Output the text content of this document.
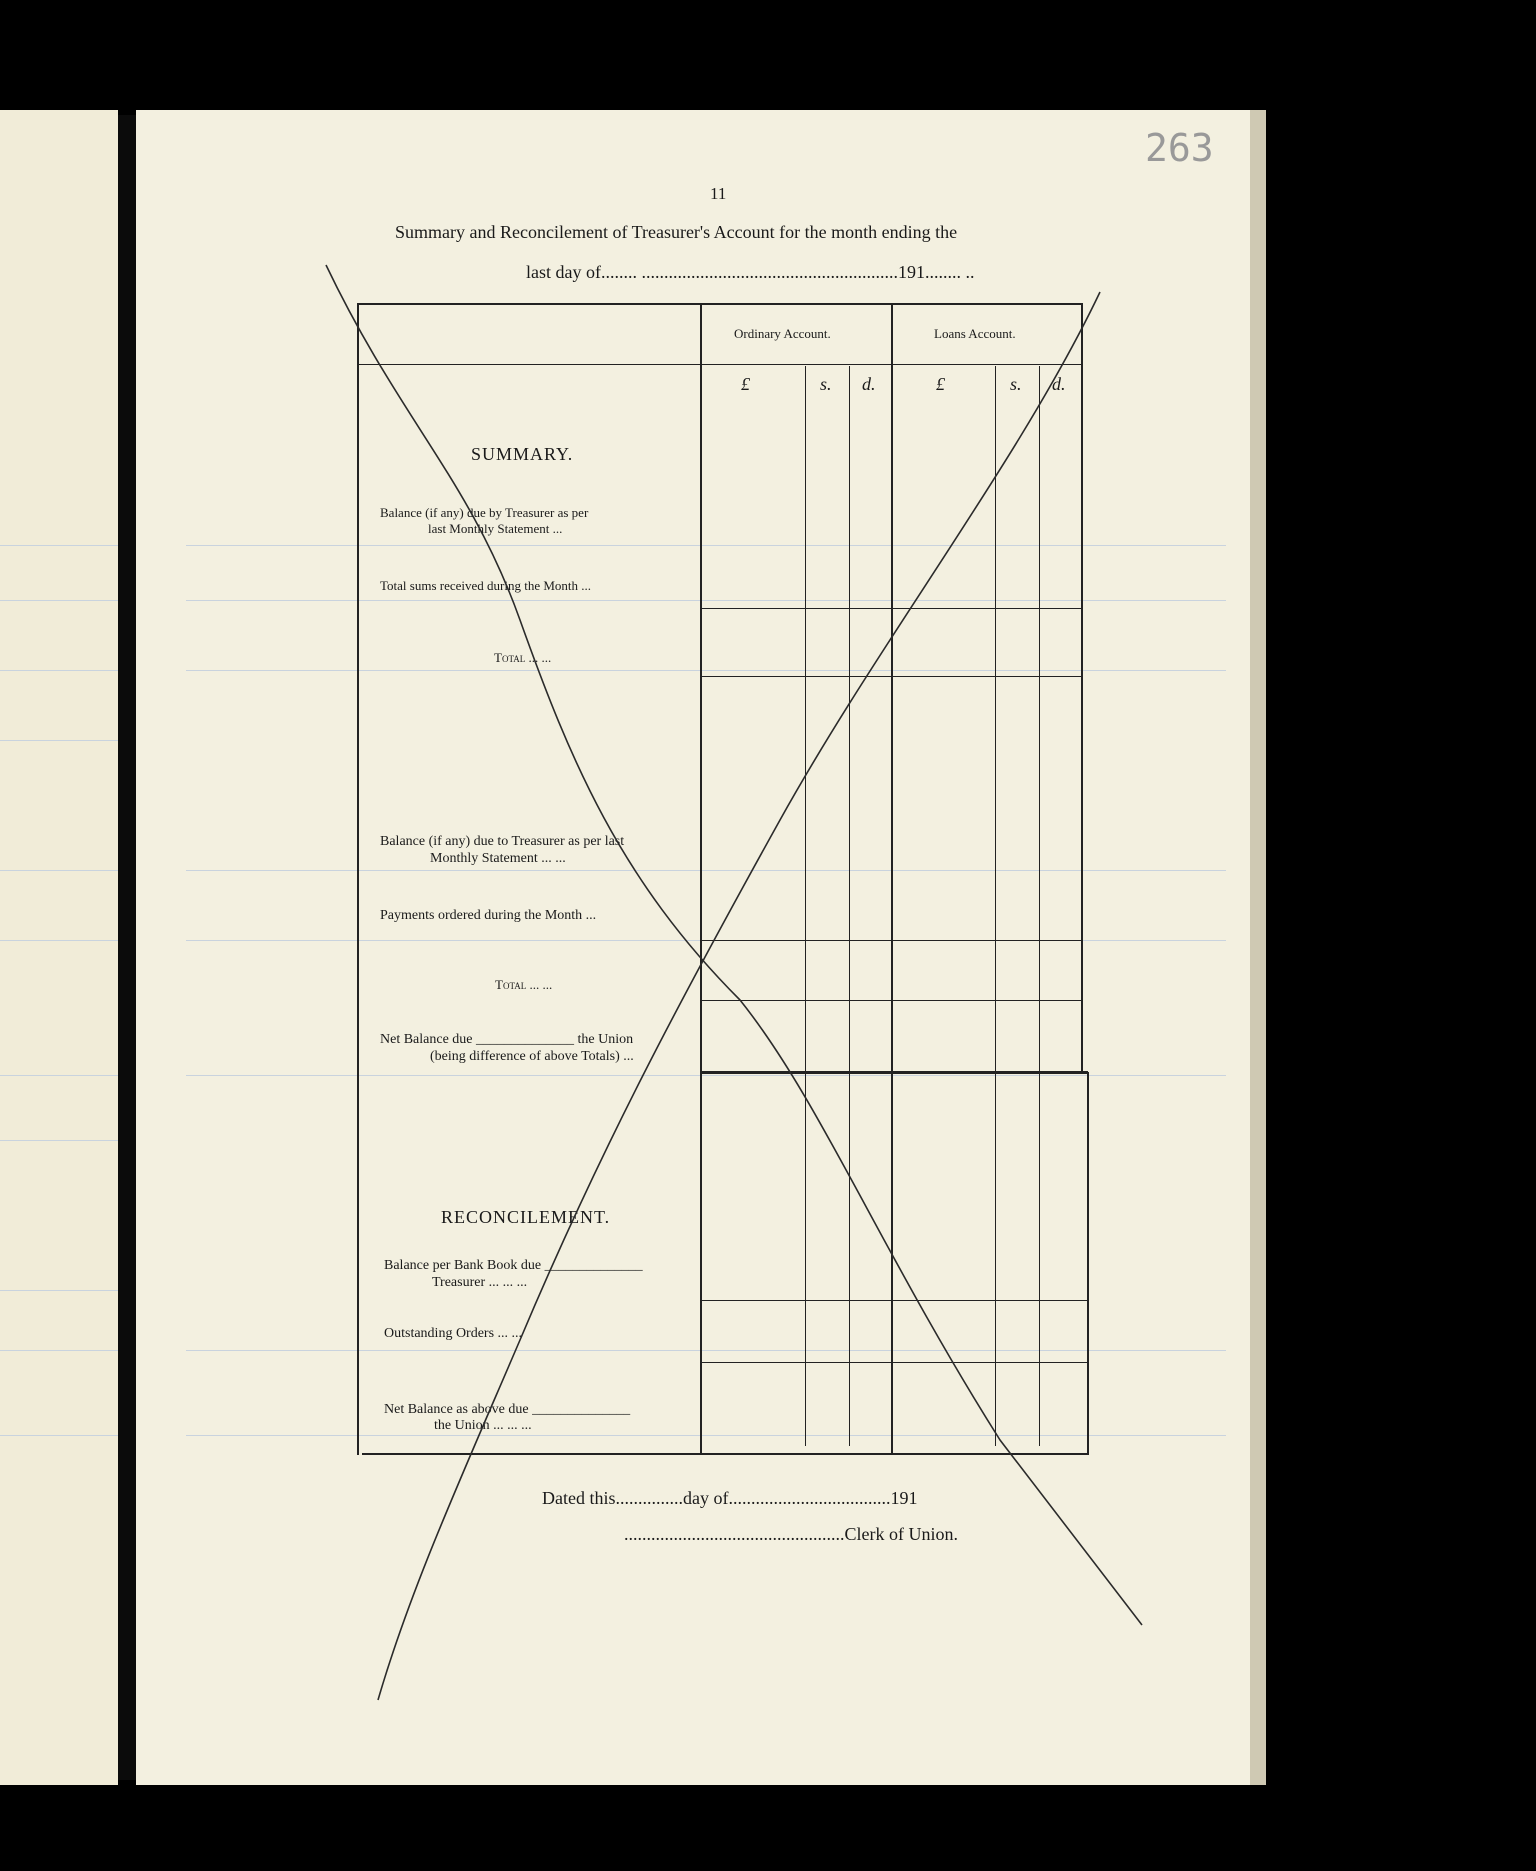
263
11
Summary and Reconcilement of Treasurer's Account for the month ending the
last day of........ .........................................................191........ ..
Ordinary Account.	Loans Account.
£	s. d.	£	s. d.
SUMMARY.
Balance (if any) due by Treasurer as per
last Monthly Statement ...
Total sums received during the Month ...
Total ... ...
Balance (if any) due to Treasurer as per last
Monthly Statement ... ...
Payments ordered during the Month ...
Total ... ...
Net Balance due ______________ the Union
(being difference of above Totals) ...
RECONCILEMENT.
Balance per Bank Book due ______________
Treasurer ... ... ...
Outstanding Orders ... ...
Net Balance as above due ______________
the Union ... ... ...
Dated this...............day of....................................191
.................................................Clerk of Union.
